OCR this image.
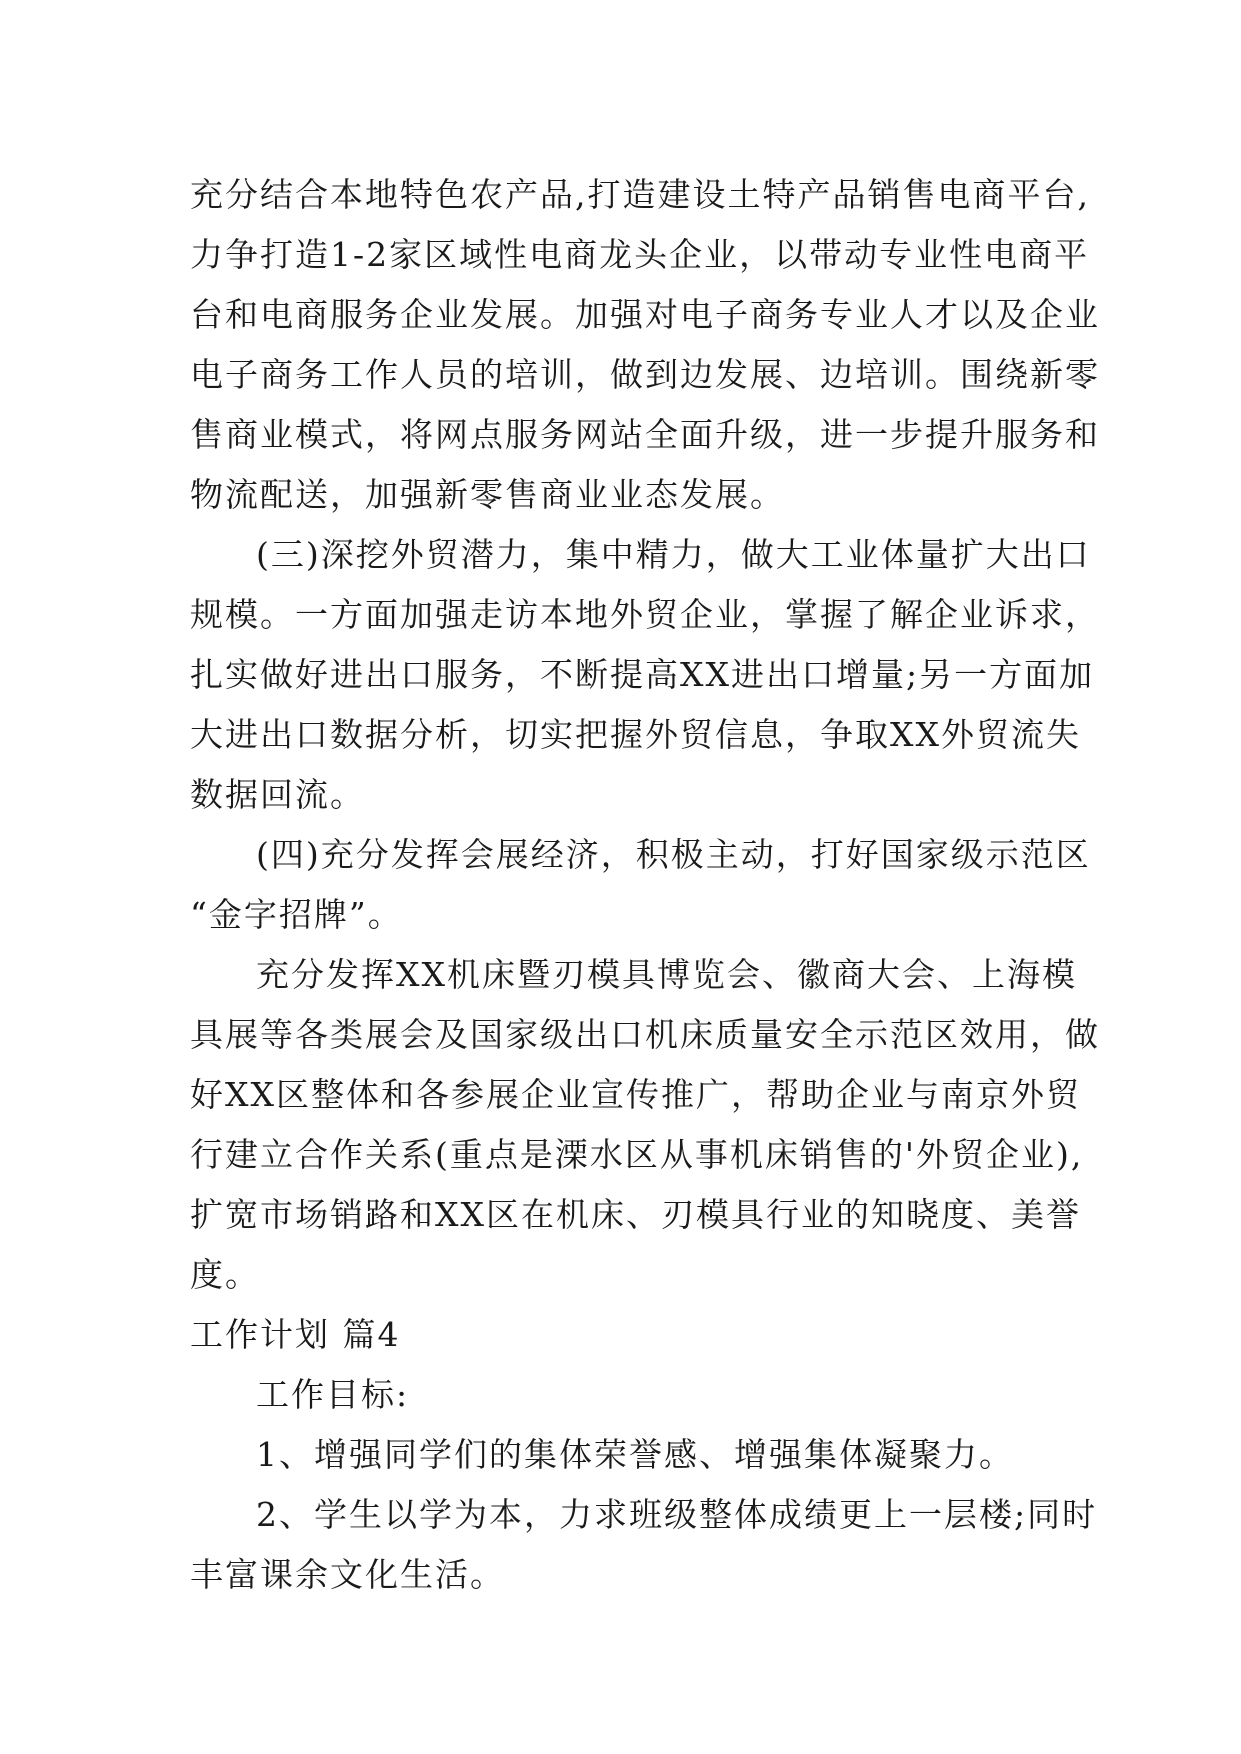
充分结合本地特色农产品,打造建设土特产品销售电商平台,
力争打造1-2家区域性电商龙头企业，以带动专业性电商平
台和电商服务企业发展。加强对电子商务专业人才以及企业
电子商务工作人员的培训，做到边发展、边培训。围绕新零
售商业模式，将网点服务网站全面升级，进一步提升服务和
物流配送，加强新零售商业业态发展。
(三)深挖外贸潜力，集中精力，做大工业体量扩大出口
规模。一方面加强走访本地外贸企业，掌握了解企业诉求，
扎实做好进出口服务，不断提高XX进出口增量;另一方面加
大进出口数据分析，切实把握外贸信息，争取XX外贸流失
数据回流。
(四)充分发挥会展经济，积极主动，打好国家级示范区
“金字招牌”。
充分发挥XX机床暨刃模具博览会、徽商大会、上海模
具展等各类展会及国家级出口机床质量安全示范区效用，做
好XX区整体和各参展企业宣传推广，帮助企业与南京外贸
行建立合作关系(重点是溧水区从事机床销售的'外贸企业),
扩宽市场销路和XX区在机床、刃模具行业的知晓度、美誉
度。
工作计划 篇4
工作目标:
1、增强同学们的集体荣誉感、增强集体凝聚力。
2、学生以学为本，力求班级整体成绩更上一层楼;同时
丰富课余文化生活。
